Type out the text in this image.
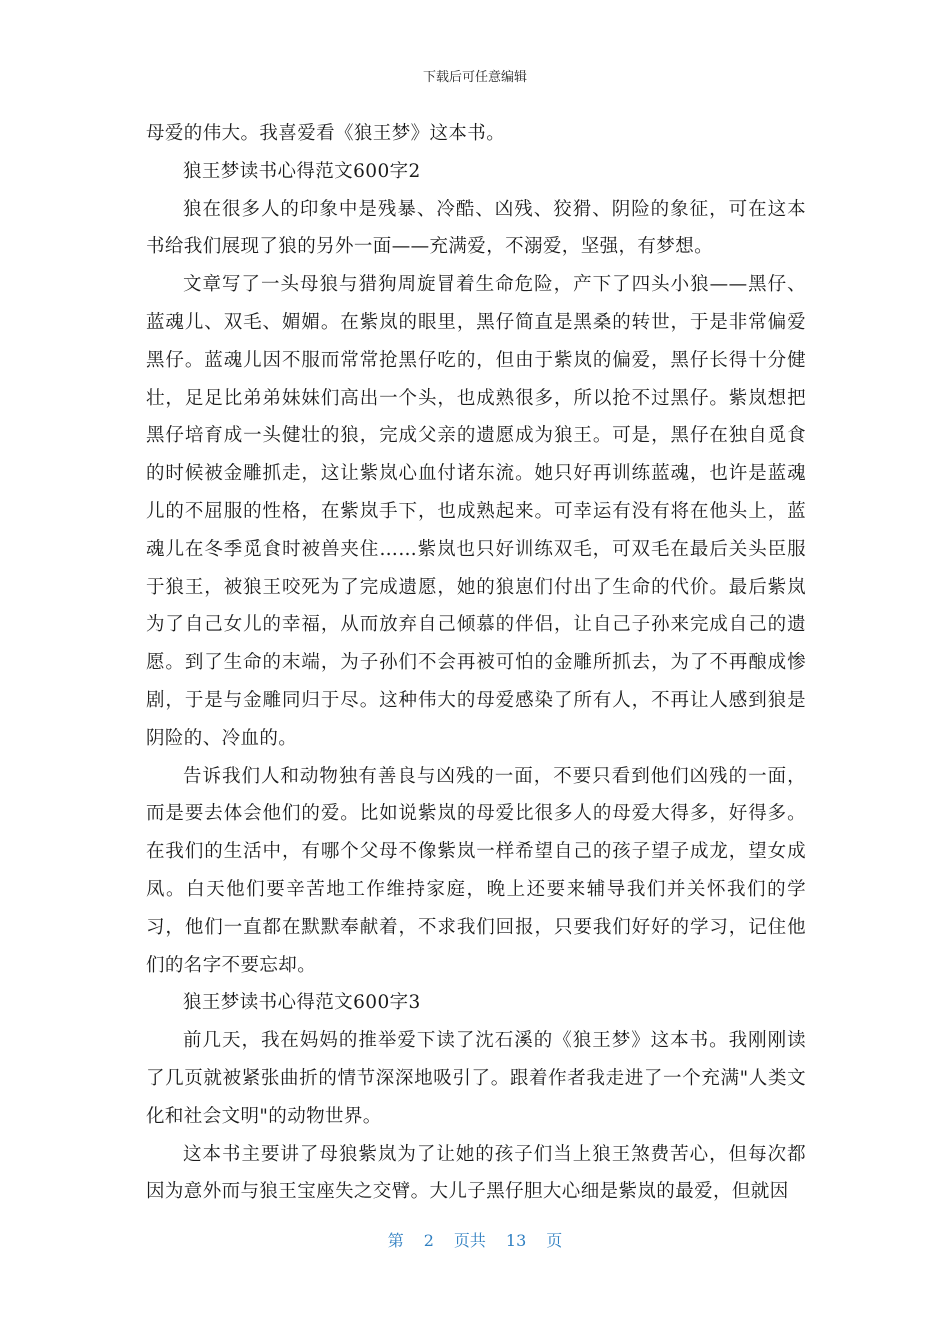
下载后可任意编辑

母爱的伟大。我喜爱看《狼王梦》这本书。

狼王梦读书心得范文600字2

狼在很多人的印象中是残暴、冷酷、凶残、狡猾、阴险的象征，可在这本书给我们展现了狼的另外一面——充满爱，不溺爱，坚强，有梦想。

文章写了一头母狼与猎狗周旋冒着生命危险，产下了四头小狼——黑仔、蓝魂儿、双毛、媚媚。在紫岚的眼里，黑仔简直是黑桑的转世，于是非常偏爱黑仔。蓝魂儿因不服而常常抢黑仔吃的，但由于紫岚的偏爱，黑仔长得十分健壮，足足比弟弟妹妹们高出一个头，也成熟很多，所以抢不过黑仔。紫岚想把黑仔培育成一头健壮的狼，完成父亲的遗愿成为狼王。可是，黑仔在独自觅食的时候被金雕抓走，这让紫岚心血付诸东流。她只好再训练蓝魂，也许是蓝魂儿的不屈服的性格，在紫岚手下，也成熟起来。可幸运有没有将在他头上，蓝魂儿在冬季觅食时被兽夹住……紫岚也只好训练双毛，可双毛在最后关头臣服于狼王，被狼王咬死为了完成遗愿，她的狼崽们付出了生命的代价。最后紫岚为了自己女儿的幸福，从而放弃自己倾慕的伴侣，让自己子孙来完成自己的遗愿。到了生命的末端，为子孙们不会再被可怕的金雕所抓去，为了不再酿成惨剧，于是与金雕同归于尽。这种伟大的母爱感染了所有人，不再让人感到狼是阴险的、冷血的。

告诉我们人和动物独有善良与凶残的一面，不要只看到他们凶残的一面，而是要去体会他们的爱。比如说紫岚的母爱比很多人的母爱大得多，好得多。在我们的生活中，有哪个父母不像紫岚一样希望自己的孩子望子成龙，望女成凤。白天他们要辛苦地工作维持家庭，晚上还要来辅导我们并关怀我们的学习，他们一直都在默默奉献着，不求我们回报，只要我们好好的学习，记住他们的名字不要忘却。

狼王梦读书心得范文600字3

前几天，我在妈妈的推举爱下读了沈石溪的《狼王梦》这本书。我刚刚读了几页就被紧张曲折的情节深深地吸引了。跟着作者我走进了一个充满"人类文化和社会文明"的动物世界。

这本书主要讲了母狼紫岚为了让她的孩子们当上狼王煞费苦心，但每次都因为意外而与狼王宝座失之交臂。大儿子黑仔胆大心细是紫岚的最爱，但就因

第 2 页共 13 页
